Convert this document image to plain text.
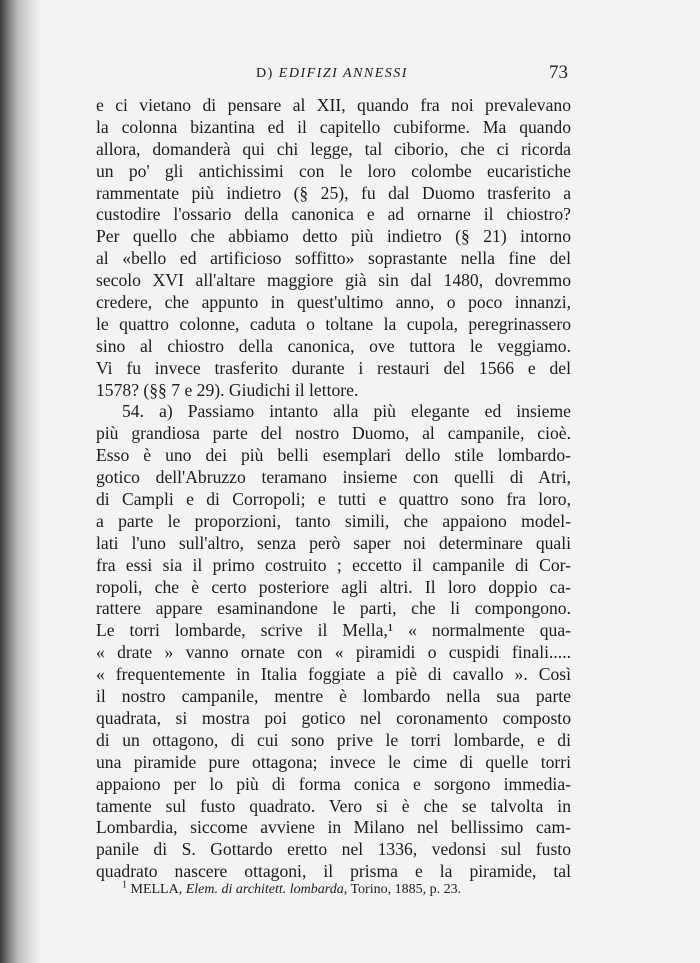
D) EDIFIZI ANNESSI	73
e ci vietano di pensare al XII, quando fra noi prevalevano
la colonna bizantina ed il capitello cubiforme. Ma quando
allora, domanderà qui chi legge, tal ciborio, che ci ricorda
un po' gli antichissimi con le loro colombe eucaristiche
rammentate più indietro (§ 25), fu dal Duomo trasferito a
custodire l'ossario della canonica e ad ornarne il chiostro?
Per quello che abbiamo detto più indietro (§ 21) intorno
al «bello ed artificioso soffitto» soprastante nella fine del
secolo XVI all'altare maggiore già sin dal 1480, dovremmo
credere, che appunto in quest'ultimo anno, o poco innanzi,
le quattro colonne, caduta o toltane la cupola, peregrinassero
sino al chiostro della canonica, ove tuttora le veggiamo.
Vi fu invece trasferito durante i restauri del 1566 e del
1578? (§§ 7 e 29). Giudichi il lettore.
54. a) Passiamo intanto alla più elegante ed insieme
più grandiosa parte del nostro Duomo, al campanile, cioè.
Esso è uno dei più belli esemplari dello stile lombardo-
gotico dell'Abruzzo teramano insieme con quelli di Atri,
di Campli e di Corropoli; e tutti e quattro sono fra loro,
a parte le proporzioni, tanto simili, che appaiono model-
lati l'uno sull'altro, senza però saper noi determinare quali
fra essi sia il primo costruito ; eccetto il campanile di Cor-
ropoli, che è certo posteriore agli altri. Il loro doppio ca-
rattere appare esaminandone le parti, che li compongono.
Le torri lombarde, scrive il Mella,¹ « normalmente qua-
« drate » vanno ornate con « piramidi o cuspidi finali.....
« frequentemente in Italia foggiate a piè di cavallo ». Così
il nostro campanile, mentre è lombardo nella sua parte
quadrata, si mostra poi gotico nel coronamento composto
di un ottagono, di cui sono prive le torri lombarde, e di
una piramide pure ottagona; invece le cime di quelle torri
appaiono per lo più di forma conica e sorgono immedia-
tamente sul fusto quadrato. Vero si è che se talvolta in
Lombardia, siccome avviene in Milano nel bellissimo cam-
panile di S. Gottardo eretto nel 1336, vedonsi sul fusto
quadrato nascere ottagoni, il prisma e la piramide, tal
$^1$ MELLA, Elem. di architett. lombarda, Torino, 1885, p. 23.
